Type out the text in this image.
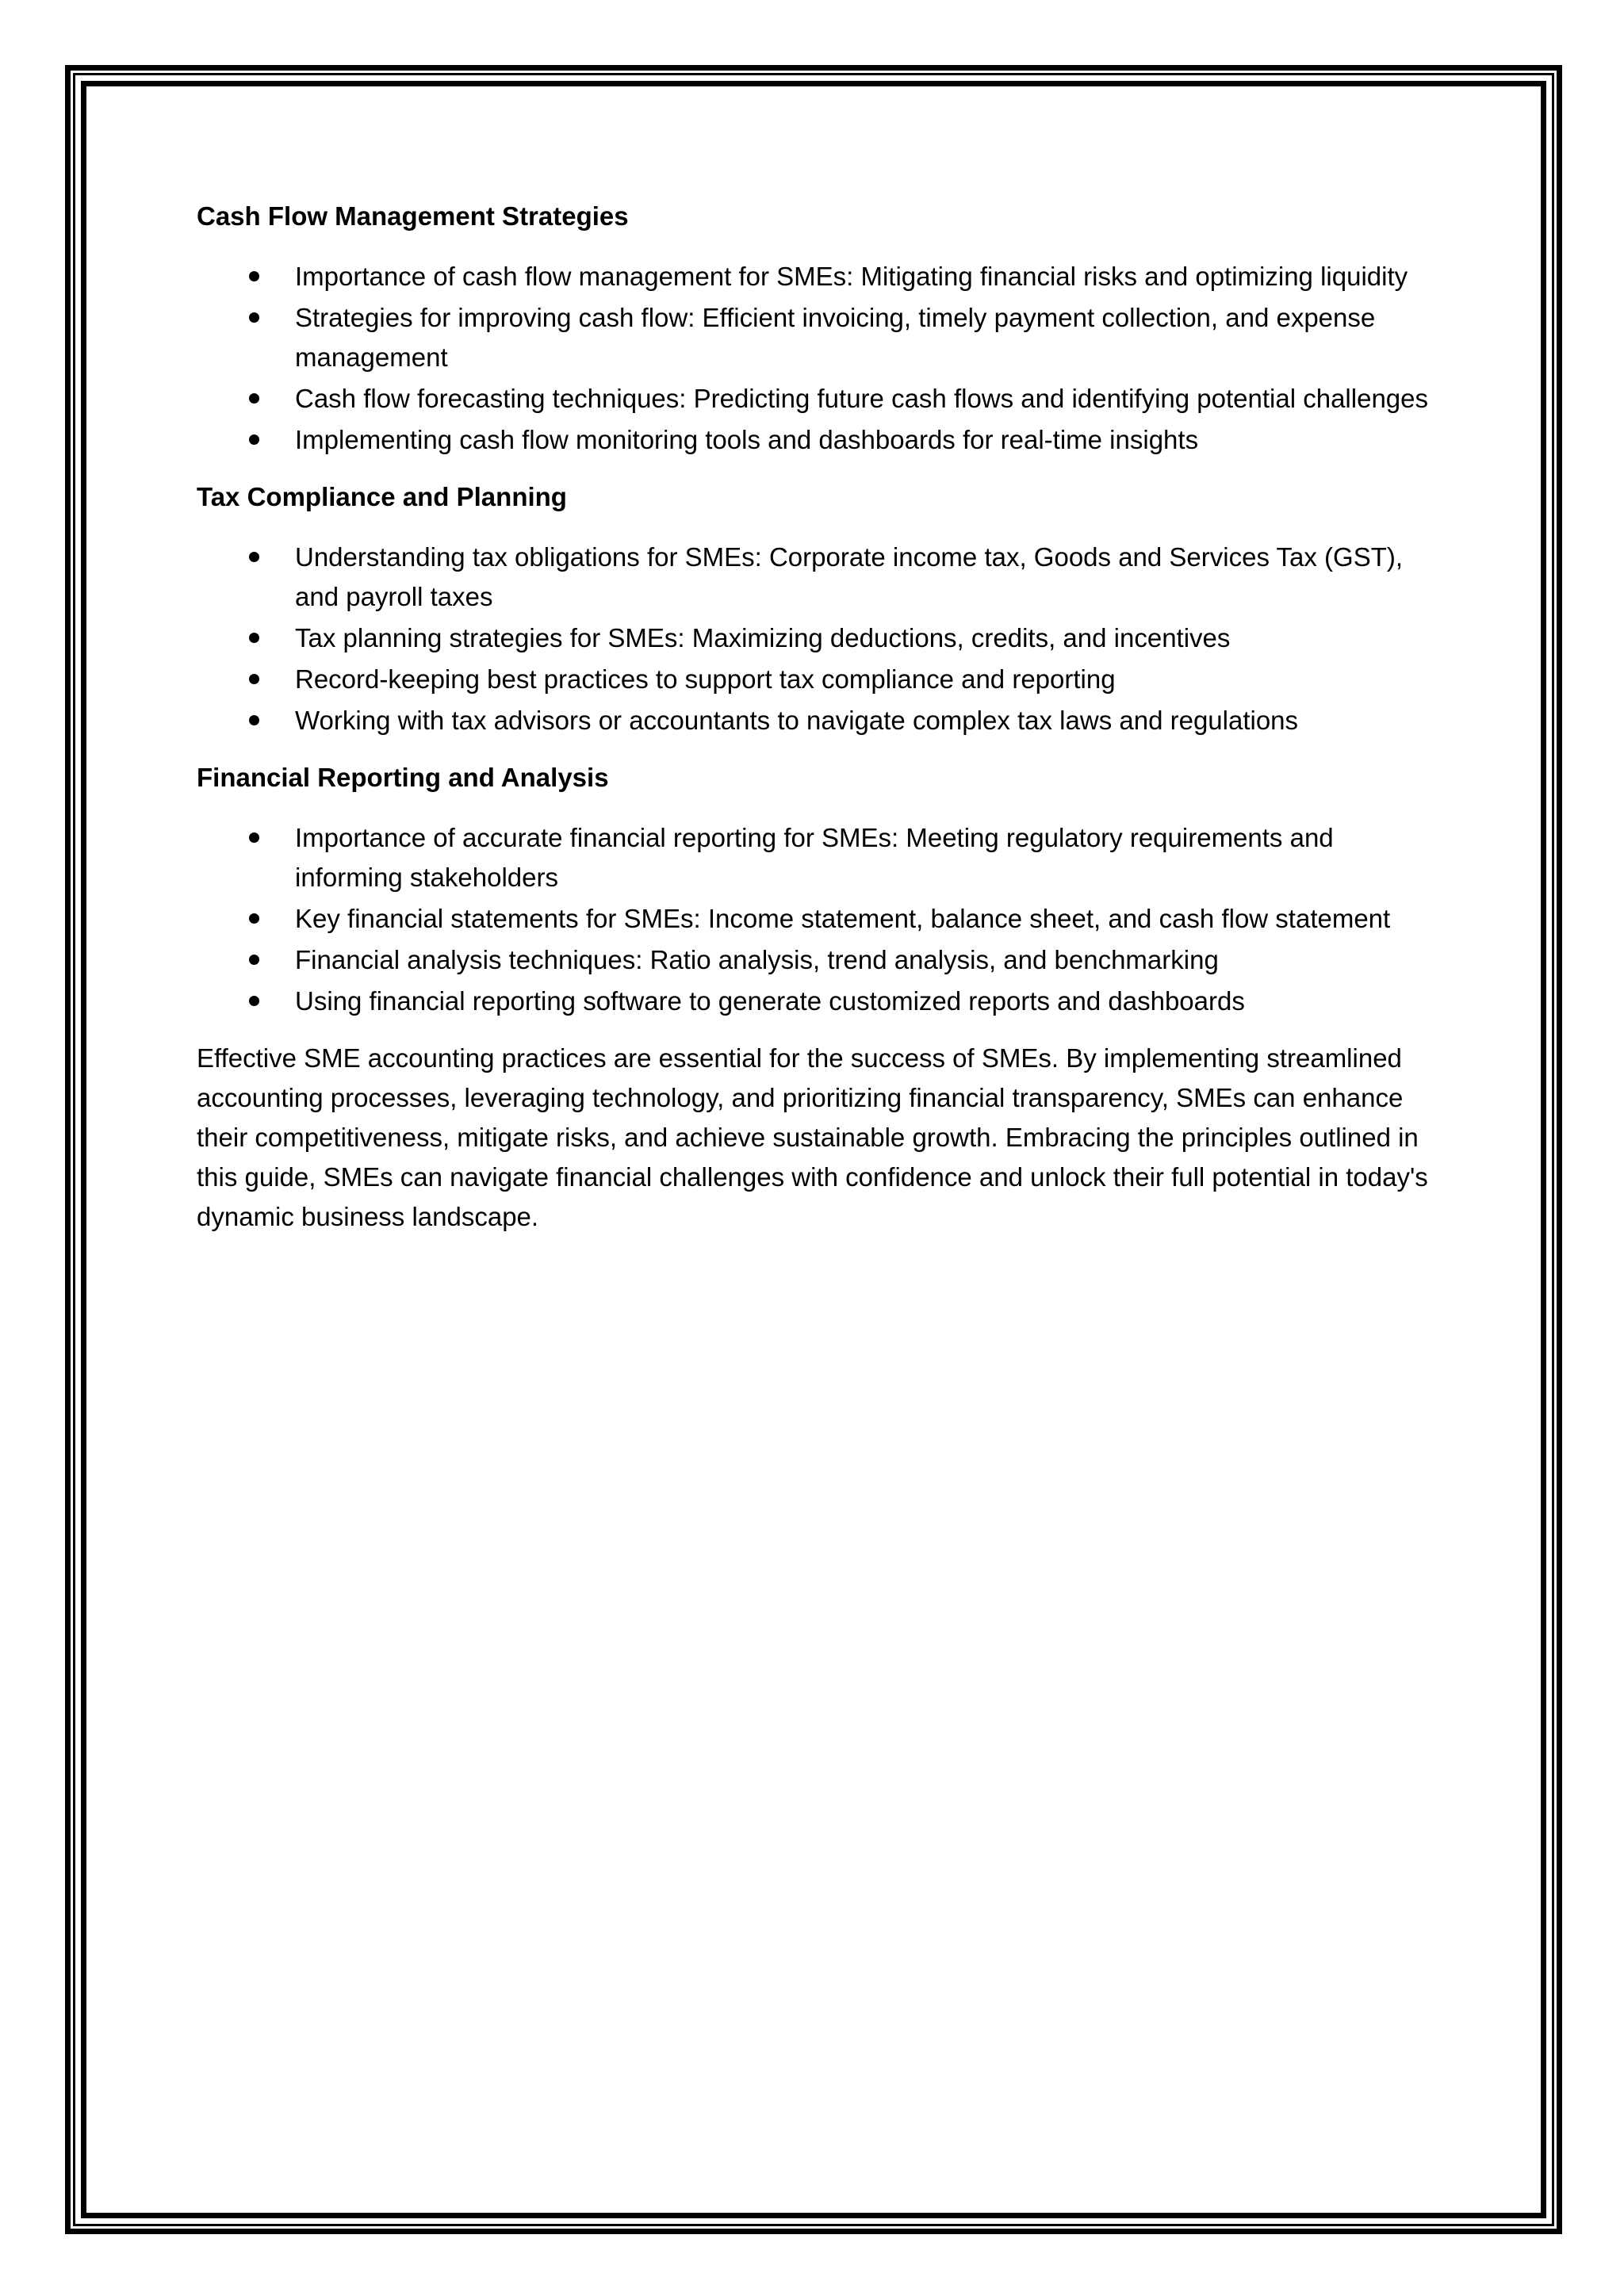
Cash Flow Management Strategies

Importance of cash flow management for SMEs: Mitigating financial risks and optimizing liquidity
Strategies for improving cash flow: Efficient invoicing, timely payment collection, and expense management
Cash flow forecasting techniques: Predicting future cash flows and identifying potential challenges
Implementing cash flow monitoring tools and dashboards for real-time insights

Tax Compliance and Planning

Understanding tax obligations for SMEs: Corporate income tax, Goods and Services Tax (GST), and payroll taxes
Tax planning strategies for SMEs: Maximizing deductions, credits, and incentives
Record-keeping best practices to support tax compliance and reporting
Working with tax advisors or accountants to navigate complex tax laws and regulations

Financial Reporting and Analysis

Importance of accurate financial reporting for SMEs: Meeting regulatory requirements and informing stakeholders
Key financial statements for SMEs: Income statement, balance sheet, and cash flow statement
Financial analysis techniques: Ratio analysis, trend analysis, and benchmarking
Using financial reporting software to generate customized reports and dashboards

Effective SME accounting practices are essential for the success of SMEs. By implementing streamlined accounting processes, leveraging technology, and prioritizing financial transparency, SMEs can enhance their competitiveness, mitigate risks, and achieve sustainable growth. Embracing the principles outlined in this guide, SMEs can navigate financial challenges with confidence and unlock their full potential in today's dynamic business landscape.
